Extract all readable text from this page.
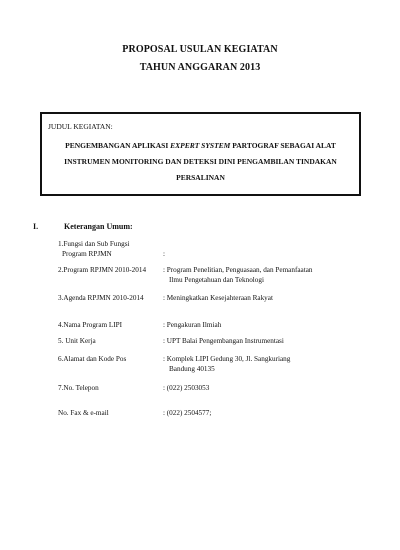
PROPOSAL USULAN KEGIATAN
TAHUN ANGGARAN 2013
JUDUL KEGIATAN:
PENGEMBANGAN APLIKASI EXPERT SYSTEM PARTOGRAF SEBAGAI ALAT
INSTRUMEN MONITORING DAN DETEKSI DINI PENGAMBILAN TINDAKAN
PERSALINAN
I.	Keterangan Umum:
1.Fungsi dan Sub Fungsi
Program RPJMN	:
2.Program RPJMN 2010-2014	: Program Penelitian, Penguasaan, dan Pemanfaatan
Ilmu Pengetahuan dan Teknologi
3.Agenda RPJMN 2010-2014	: Meningkatkan Kesejahteraan Rakyat
4.Nama Program LIPI	: Pengakuran Ilmiah
5. Unit Kerja	: UPT Balai Pengembangan Instrumentasi
6.Alamat dan Kode Pos	: Komplek LIPI Gedung 30, Jl. Sangkuriang
Bandung 40135
7.No. Telepon	: (022) 2503053
No. Fax & e-mail	: (022) 2504577;
